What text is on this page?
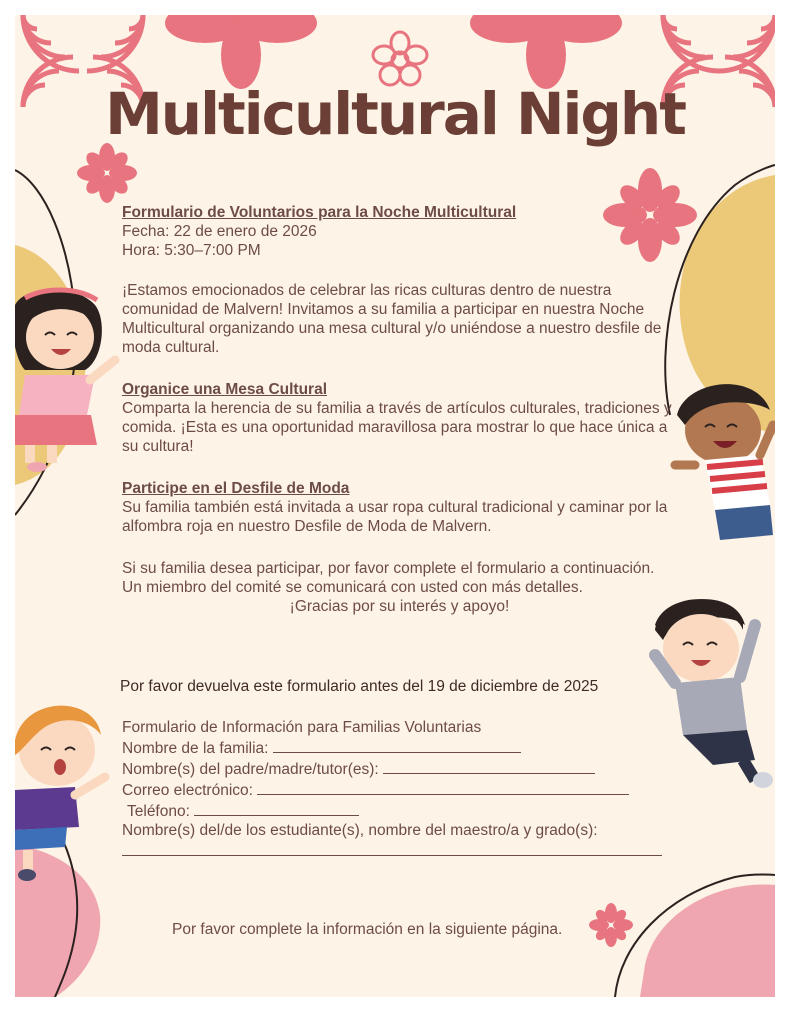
Multicultural Night

Formulario de Voluntarios para la Noche Multicultural

Fecha: 22 de enero de 2026

Hora: 5:30–7:00 PM

¡Estamos emocionados de celebrar las ricas culturas dentro de nuestra comunidad de Malvern! Invitamos a su familia a participar en nuestra Noche Multicultural organizando una mesa cultural y/o uniéndose a nuestro desfile de moda cultural.

Organice una Mesa Cultural

Comparta la herencia de su familia a través de artículos culturales, tradiciones y comida. ¡Esta es una oportunidad maravillosa para mostrar lo que hace única a su cultura!

Participe en el Desfile de Moda

Su familia también está invitada a usar ropa cultural tradicional y caminar por la alfombra roja en nuestro Desfile de Moda de Malvern.

Si su familia desea participar, por favor complete el formulario a continuación. Un miembro del comité se comunicará con usted con más detalles.

¡Gracias por su interés y apoyo!

Por favor devuelva este formulario antes del 19 de diciembre de 2025

Formulario de Información para Familias Voluntarias

Nombre de la familia:

Nombre(s) del padre/madre/tutor(es):

Correo electrónico:

Teléfono:

Nombre(s) del/de los estudiante(s), nombre del maestro/a y grado(s):

Por favor complete la información en la siguiente página.
